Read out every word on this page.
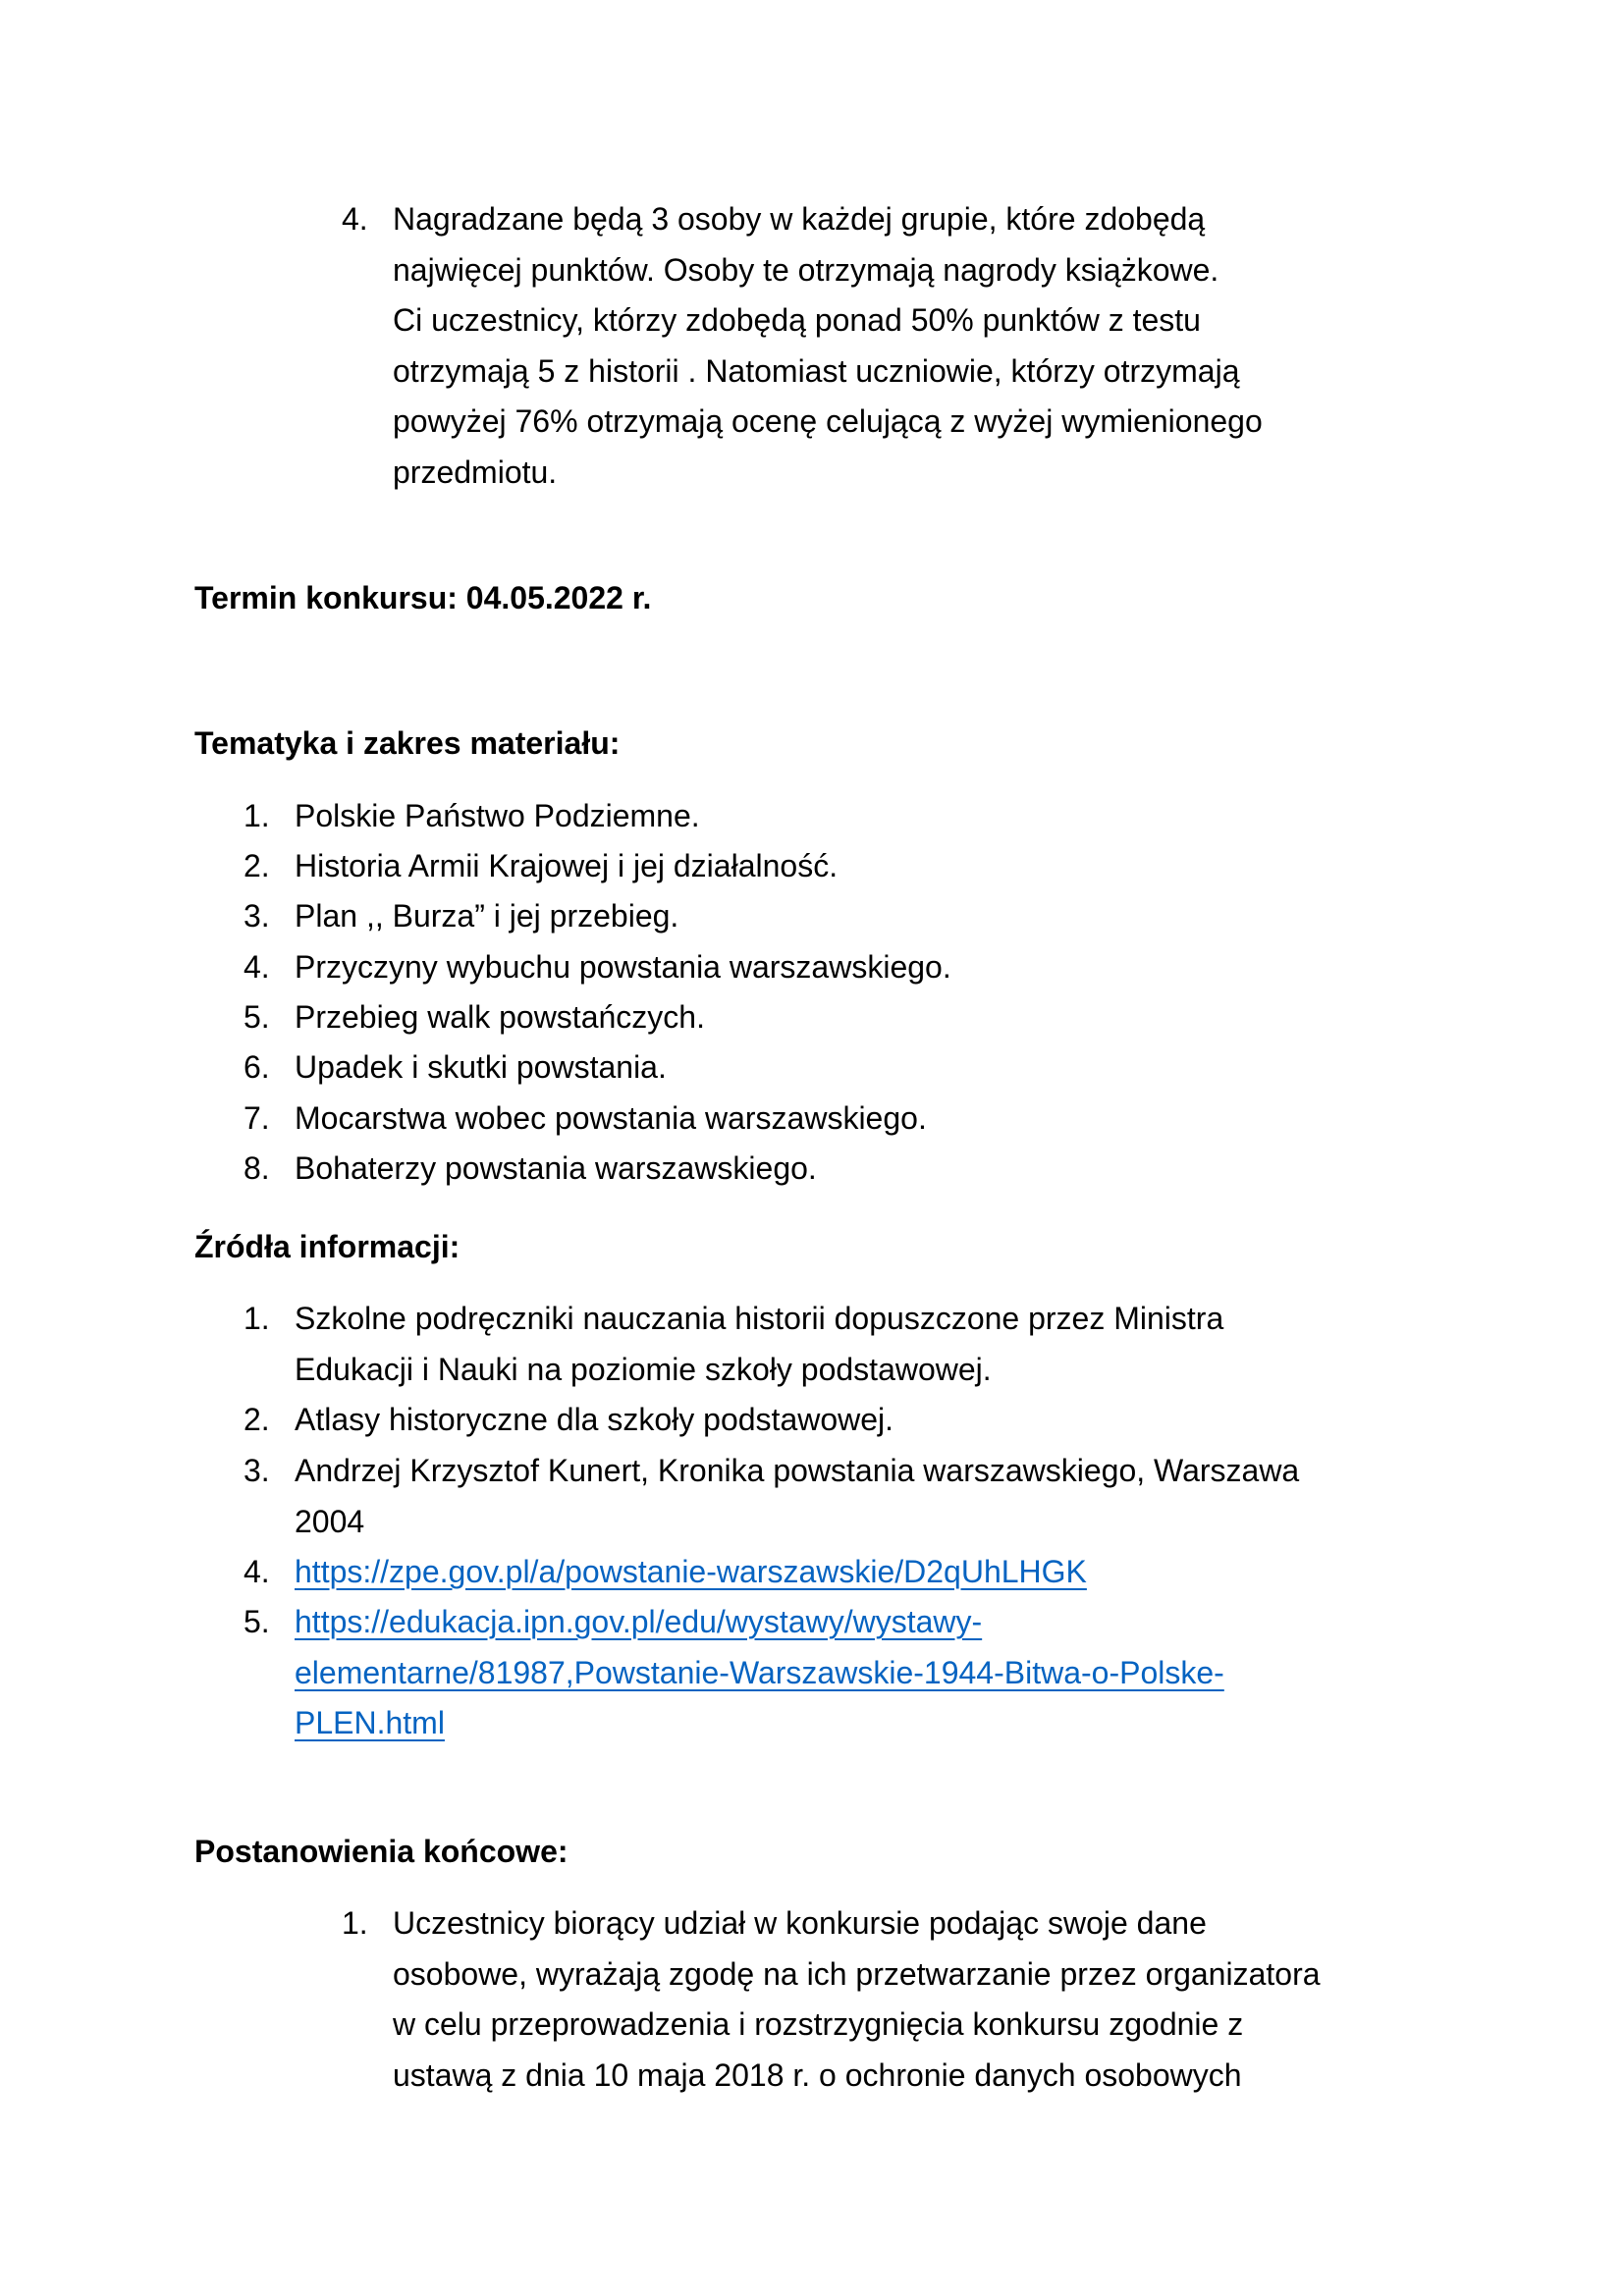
4. Nagradzane będą 3 osoby w każdej grupie, które zdobędą
najwięcej punktów. Osoby te otrzymają nagrody książkowe.
Ci uczestnicy, którzy zdobędą ponad 50% punktów z testu
otrzymają 5 z historii . Natomiast uczniowie, którzy otrzymają
powyżej 76% otrzymają ocenę celującą z wyżej wymienionego
przedmiotu.
Termin konkursu: 04.05.2022 r.
Tematyka i zakres materiału:
1. Polskie Państwo Podziemne.
2. Historia Armii Krajowej i jej działalność.
3. Plan ,, Burza” i jej przebieg.
4. Przyczyny wybuchu powstania warszawskiego.
5. Przebieg walk powstańczych.
6. Upadek i skutki powstania.
7. Mocarstwa wobec powstania warszawskiego.
8. Bohaterzy powstania warszawskiego.
Źródła informacji:
1. Szkolne podręczniki nauczania historii dopuszczone przez Ministra
Edukacji i Nauki na poziomie szkoły podstawowej.
2. Atlasy historyczne dla szkoły podstawowej.
3. Andrzej Krzysztof Kunert, Kronika powstania warszawskiego, Warszawa
2004
4. https://zpe.gov.pl/a/powstanie-warszawskie/D2qUhLHGK
5. https://edukacja.ipn.gov.pl/edu/wystawy/wystawy-
elementarne/81987,Powstanie-Warszawskie-1944-Bitwa-o-Polske-
PLEN.html
Postanowienia końcowe:
1. Uczestnicy biorący udział w konkursie podając swoje dane
osobowe, wyrażają zgodę na ich przetwarzanie przez organizatora
w celu przeprowadzenia i rozstrzygnięcia konkursu zgodnie z
ustawą z dnia 10 maja 2018 r. o ochronie danych osobowych
